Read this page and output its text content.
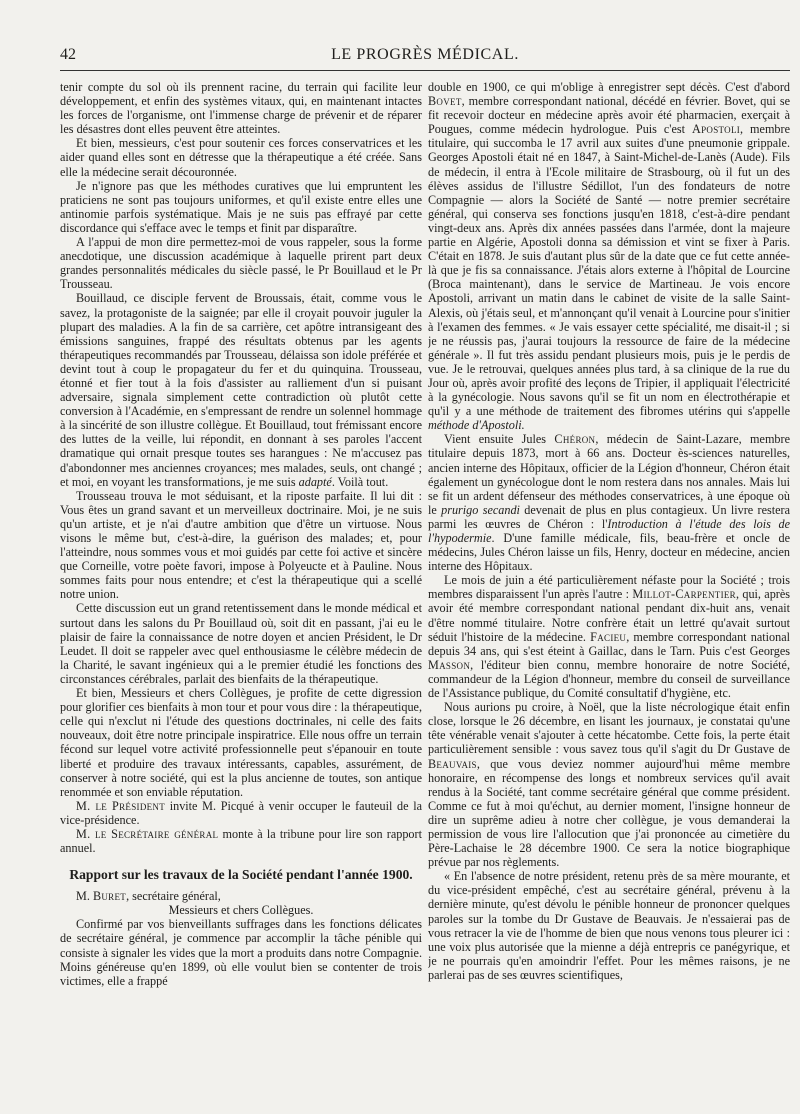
42	LE PROGRÈS MÉDICAL.

tenir compte du sol où ils prennent racine, du terrain qui facilite leur développement, et enfin des systèmes vitaux, qui, en maintenant intactes les forces de l'organisme, ont l'immense charge de prévenir et de réparer les désastres dont elles peuvent être atteintes.

Et bien, messieurs, c'est pour soutenir ces forces conservatrices et les aider quand elles sont en détresse que la thérapeutique a été créée. Sans elle la médecine serait découronnée.

Je n'ignore pas que les méthodes curatives que lui empruntent les praticiens ne sont pas toujours uniformes, et qu'il existe entre elles une antinomie parfois systématique. Mais je ne suis pas effrayé par cette discordance qui s'efface avec le temps et finit par disparaître.

A l'appui de mon dire permettez-moi de vous rappeler, sous la forme anecdotique, une discussion académique à laquelle prirent part deux grandes personnalités médicales du siècle passé, le Pr Bouillaud et le Pr Trousseau.

Bouillaud, ce disciple fervent de Broussais, était, comme vous le savez, la protagoniste de la saignée; par elle il croyait pouvoir juguler la plupart des maladies. A la fin de sa carrière, cet apôtre intransigeant des émissions sanguines, frappé des résultats obtenus par les agents thérapeutiques recommandés par Trousseau, délaissa son idole préférée et devint tout à coup le propagateur du fer et du quinquina. Trousseau, étonné et fier tout à la fois d'assister au ralliement d'un si puisant adversaire, signala simplement cette contradiction où plutôt cette conversion à l'Académie, en s'empressant de rendre un solennel hommage à la sincérité de son illustre collègue. Et Bouillaud, tout frémissant encore des luttes de la veille, lui répondit, en donnant à ses paroles l'accent dramatique qui ornait presque toutes ses harangues : Ne m'accusez pas d'abondonner mes anciennes croyances; mes malades, seuls, ont changé ; et moi, en voyant les transformations, je me suis adapté. Voilà tout.

Trousseau trouva le mot séduisant, et la riposte parfaite. Il lui dit : Vous êtes un grand savant et un merveilleux doctrinaire. Moi, je ne suis qu'un artiste, et je n'ai d'autre ambition que d'être un virtuose. Nous visons le même but, c'est-à-dire, la guérison des malades; et, pour l'atteindre, nous sommes vous et moi guidés par cette foi active et sincère que Corneille, votre poète favori, impose à Polyeucte et à Pauline. Nous sommes faits pour nous entendre; et c'est la thérapeutique qui a scellé notre union.

Cette discussion eut un grand retentissement dans le monde médical et surtout dans les salons du Pr Bouillaud où, soit dit en passant, j'ai eu le plaisir de faire la connaissance de notre doyen et ancien Président, le Dr Leudet. Il doit se rappeler avec quel enthousiasme le célèbre médecin de la Charité, le savant ingénieux qui a le premier étudié les fonctions des circonstances cérébrales, parlait des bienfaits de la thérapeutique.

Et bien, Messieurs et chers Collègues, je profite de cette digression pour glorifier ces bienfaits à mon tour et pour vous dire : la thérapeutique, celle qui n'exclut ni l'étude des questions doctrinales, ni celle des faits nouveaux, doit être notre principale inspiratrice. Elle nous offre un terrain fécond sur lequel votre activité professionnelle peut s'épanouir en toute liberté et produire des travaux intéressants, capables, assurément, de conserver à notre société, qui est la plus ancienne de toutes, son antique renommée et son enviable réputation.

M. le Président invite M. Picqué à venir occuper le fauteuil de la vice-présidence.

M. le Secrétaire général monte à la tribune pour lire son rapport annuel.

Rapport sur les travaux de la Société pendant l'année 1900.

M. Buret, secrétaire général,

Messieurs et chers Collègues.

Confirmé par vos bienveillants suffrages dans les fonctions délicates de secrétaire général, je commence par accomplir la tâche pénible qui consiste à signaler les vides que la mort a produits dans notre Compagnie. Moins généreuse qu'en 1899, où elle voulut bien se contenter de trois victimes, elle a frappé

double en 1900, ce qui m'oblige à enregistrer sept décès. C'est d'abord Bovet, membre correspondant national, décédé en février. Bovet, qui se fit recevoir docteur en médecine après avoir été pharmacien, exerçait à Pougues, comme médecin hydrologue. Puis c'est Apostoli, membre titulaire, qui succomba le 17 avril aux suites d'une pneumonie grippale. Georges Apostoli était né en 1847, à Saint-Michel-de-Lanès (Aude). Fils de médecin, il entra à l'Ecole militaire de Strasbourg, où il fut un des élèves assidus de l'illustre Sédillot, l'un des fondateurs de notre Compagnie — alors la Société de Santé — notre premier secrétaire général, qui conserva ses fonctions jusqu'en 1818, c'est-à-dire pendant vingt-deux ans. Après dix années passées dans l'armée, dont la majeure partie en Algérie, Apostoli donna sa démission et vint se fixer à Paris. C'était en 1878. Je suis d'autant plus sûr de la date que ce fut cette année-là que je fis sa connaissance. J'étais alors externe à l'hôpital de Lourcine (Broca maintenant), dans le service de Martineau. Je vois encore Apostoli, arrivant un matin dans le cabinet de visite de la salle Saint-Alexis, où j'étais seul, et m'annonçant qu'il venait à Lourcine pour s'initier à l'examen des femmes. « Je vais essayer cette spécialité, me disait-il ; si je ne réussis pas, j'aurai toujours la ressource de faire de la médecine générale ». Il fut très assidu pendant plusieurs mois, puis je le perdis de vue. Je le retrouvai, quelques années plus tard, à sa clinique de la rue du Jour où, après avoir profité des leçons de Tripier, il appliquait l'électricité à la gynécologie. Nous savons qu'il se fit un nom en électrothérapie et qu'il y a une méthode de traitement des fibromes utérins qui s'appelle méthode d'Apostoli.

Vient ensuite Jules Chéron, médecin de Saint-Lazare, membre titulaire depuis 1873, mort à 66 ans. Docteur ès-sciences naturelles, ancien interne des Hôpitaux, officier de la Légion d'honneur, Chéron était également un gynécologue dont le nom restera dans nos annales. Mais lui se fit un ardent défenseur des méthodes conservatrices, à une époque où le prurigo secandi devenait de plus en plus contagieux. Un livre restera parmi les œuvres de Chéron : l'Introduction à l'étude des lois de l'hypodermie. D'une famille médicale, fils, beau-frère et oncle de médecins, Jules Chéron laisse un fils, Henry, docteur en médecine, ancien interne des Hôpitaux.

Le mois de juin a été particulièrement néfaste pour la Société ; trois membres disparaissent l'un après l'autre : Millot-Carpentier, qui, après avoir été membre correspondant national pendant dix-huit ans, venait d'être nommé titulaire. Notre confrère était un lettré qu'avait surtout séduit l'histoire de la médecine. Facieu, membre correspondant national depuis 34 ans, qui s'est éteint à Gaillac, dans le Tarn. Puis c'est Georges Masson, l'éditeur bien connu, membre honoraire de notre Société, commandeur de la Légion d'honneur, membre du conseil de surveillance de l'Assistance publique, du Comité consultatif d'hygiène, etc.

Nous aurions pu croire, à Noël, que la liste nécrologique était enfin close, lorsque le 26 décembre, en lisant les journaux, je constatai qu'une tête vénérable venait s'ajouter à cette hécatombe. Cette fois, la perte était particulièrement sensible : vous savez tous qu'il s'agit du Dr Gustave de Beauvais, que vous deviez nommer aujourd'hui même membre honoraire, en récompense des longs et nombreux services qu'il avait rendus à la Société, tant comme secrétaire général que comme président. Comme ce fut à moi qu'échut, au dernier moment, l'insigne honneur de dire un suprême adieu à notre cher collègue, je vous demanderai la permission de vous lire l'allocution que j'ai prononcée au cimetière du Père-Lachaise le 28 décembre 1900. Ce sera la notice biographique prévue par nos règlements.

« En l'absence de notre président, retenu près de sa mère mourante, et du vice-président empêché, c'est au secrétaire général, prévenu à la dernière minute, qu'est dévolu le pénible honneur de prononcer quelques paroles sur la tombe du Dr Gustave de Beauvais. Je n'essaierai pas de vous retracer la vie de l'homme de bien que nous venons tous pleurer ici : une voix plus autorisée que la mienne a déjà entrepris ce panégyrique, et je ne pourrais qu'en amoindrir l'effet. Pour les mêmes raisons, je ne parlerai pas de ses œuvres scientifiques,
